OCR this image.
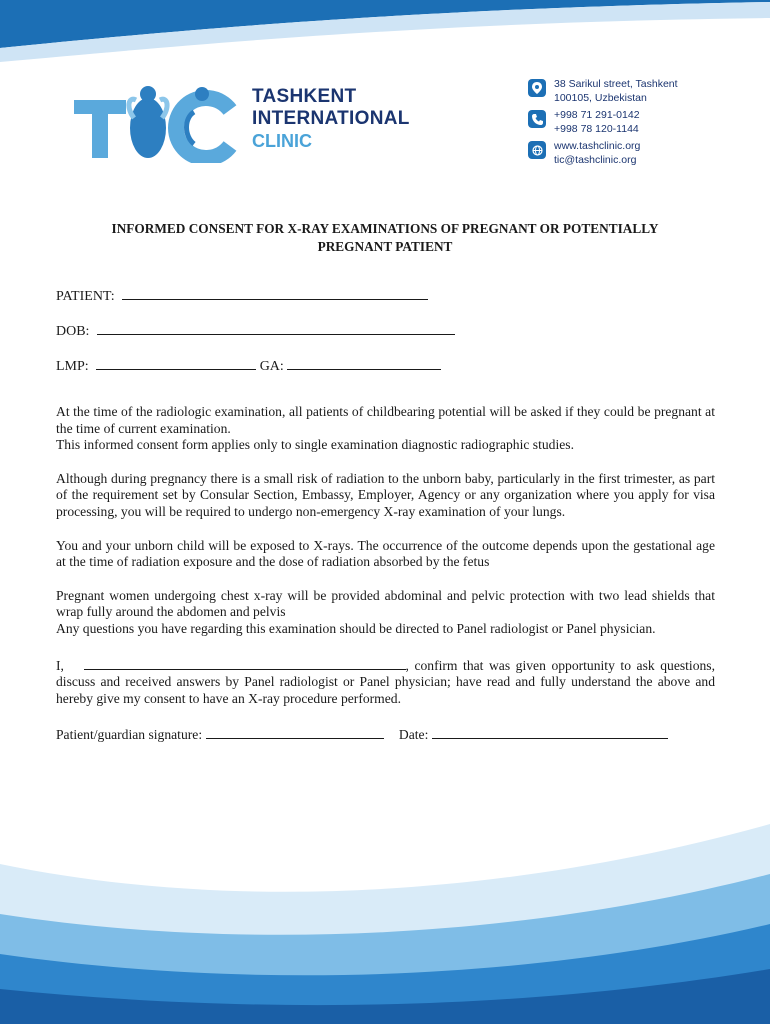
TASHKENT
INTERNATIONAL
CLINIC
38 Sarikul street, Tashkent
100105, Uzbekistan
+998 71 291-0142
+998 78 120-1144
www.tashclinic.org
tic@tashclinic.org
INFORMED CONSENT FOR X-RAY EXAMINATIONS OF PREGNANT OR POTENTIALLY
PREGNANT PATIENT
PATIENT:
DOB:
LMP:	GA:

At the time of the radiologic examination, all patients of childbearing potential will be asked if they could be pregnant at the time of current examination.
This informed consent form applies only to single examination diagnostic radiographic studies.

Although during pregnancy there is a small risk of radiation to the unborn baby, particularly in the first trimester, as part of the requirement set by Consular Section, Embassy, Employer, Agency or any organization where you apply for visa processing, you will be required to undergo non-emergency X-ray examination of your lungs.

You and your unborn child will be exposed to X-rays. The occurrence of the outcome depends upon the gestational age at the time of radiation exposure and the dose of radiation absorbed by the fetus

Pregnant women undergoing chest x-ray will be provided abdominal and pelvic protection with two lead shields that wrap fully around the abdomen and pelvis
Any questions you have regarding this examination should be directed to Panel radiologist or Panel physician.

I,	, confirm that was given opportunity to ask questions, discuss and received answers by Panel radiologist or Panel physician; have read and fully understand the above and hereby give my consent to have an X-ray procedure performed.
Patient/guardian signature:	Date:
